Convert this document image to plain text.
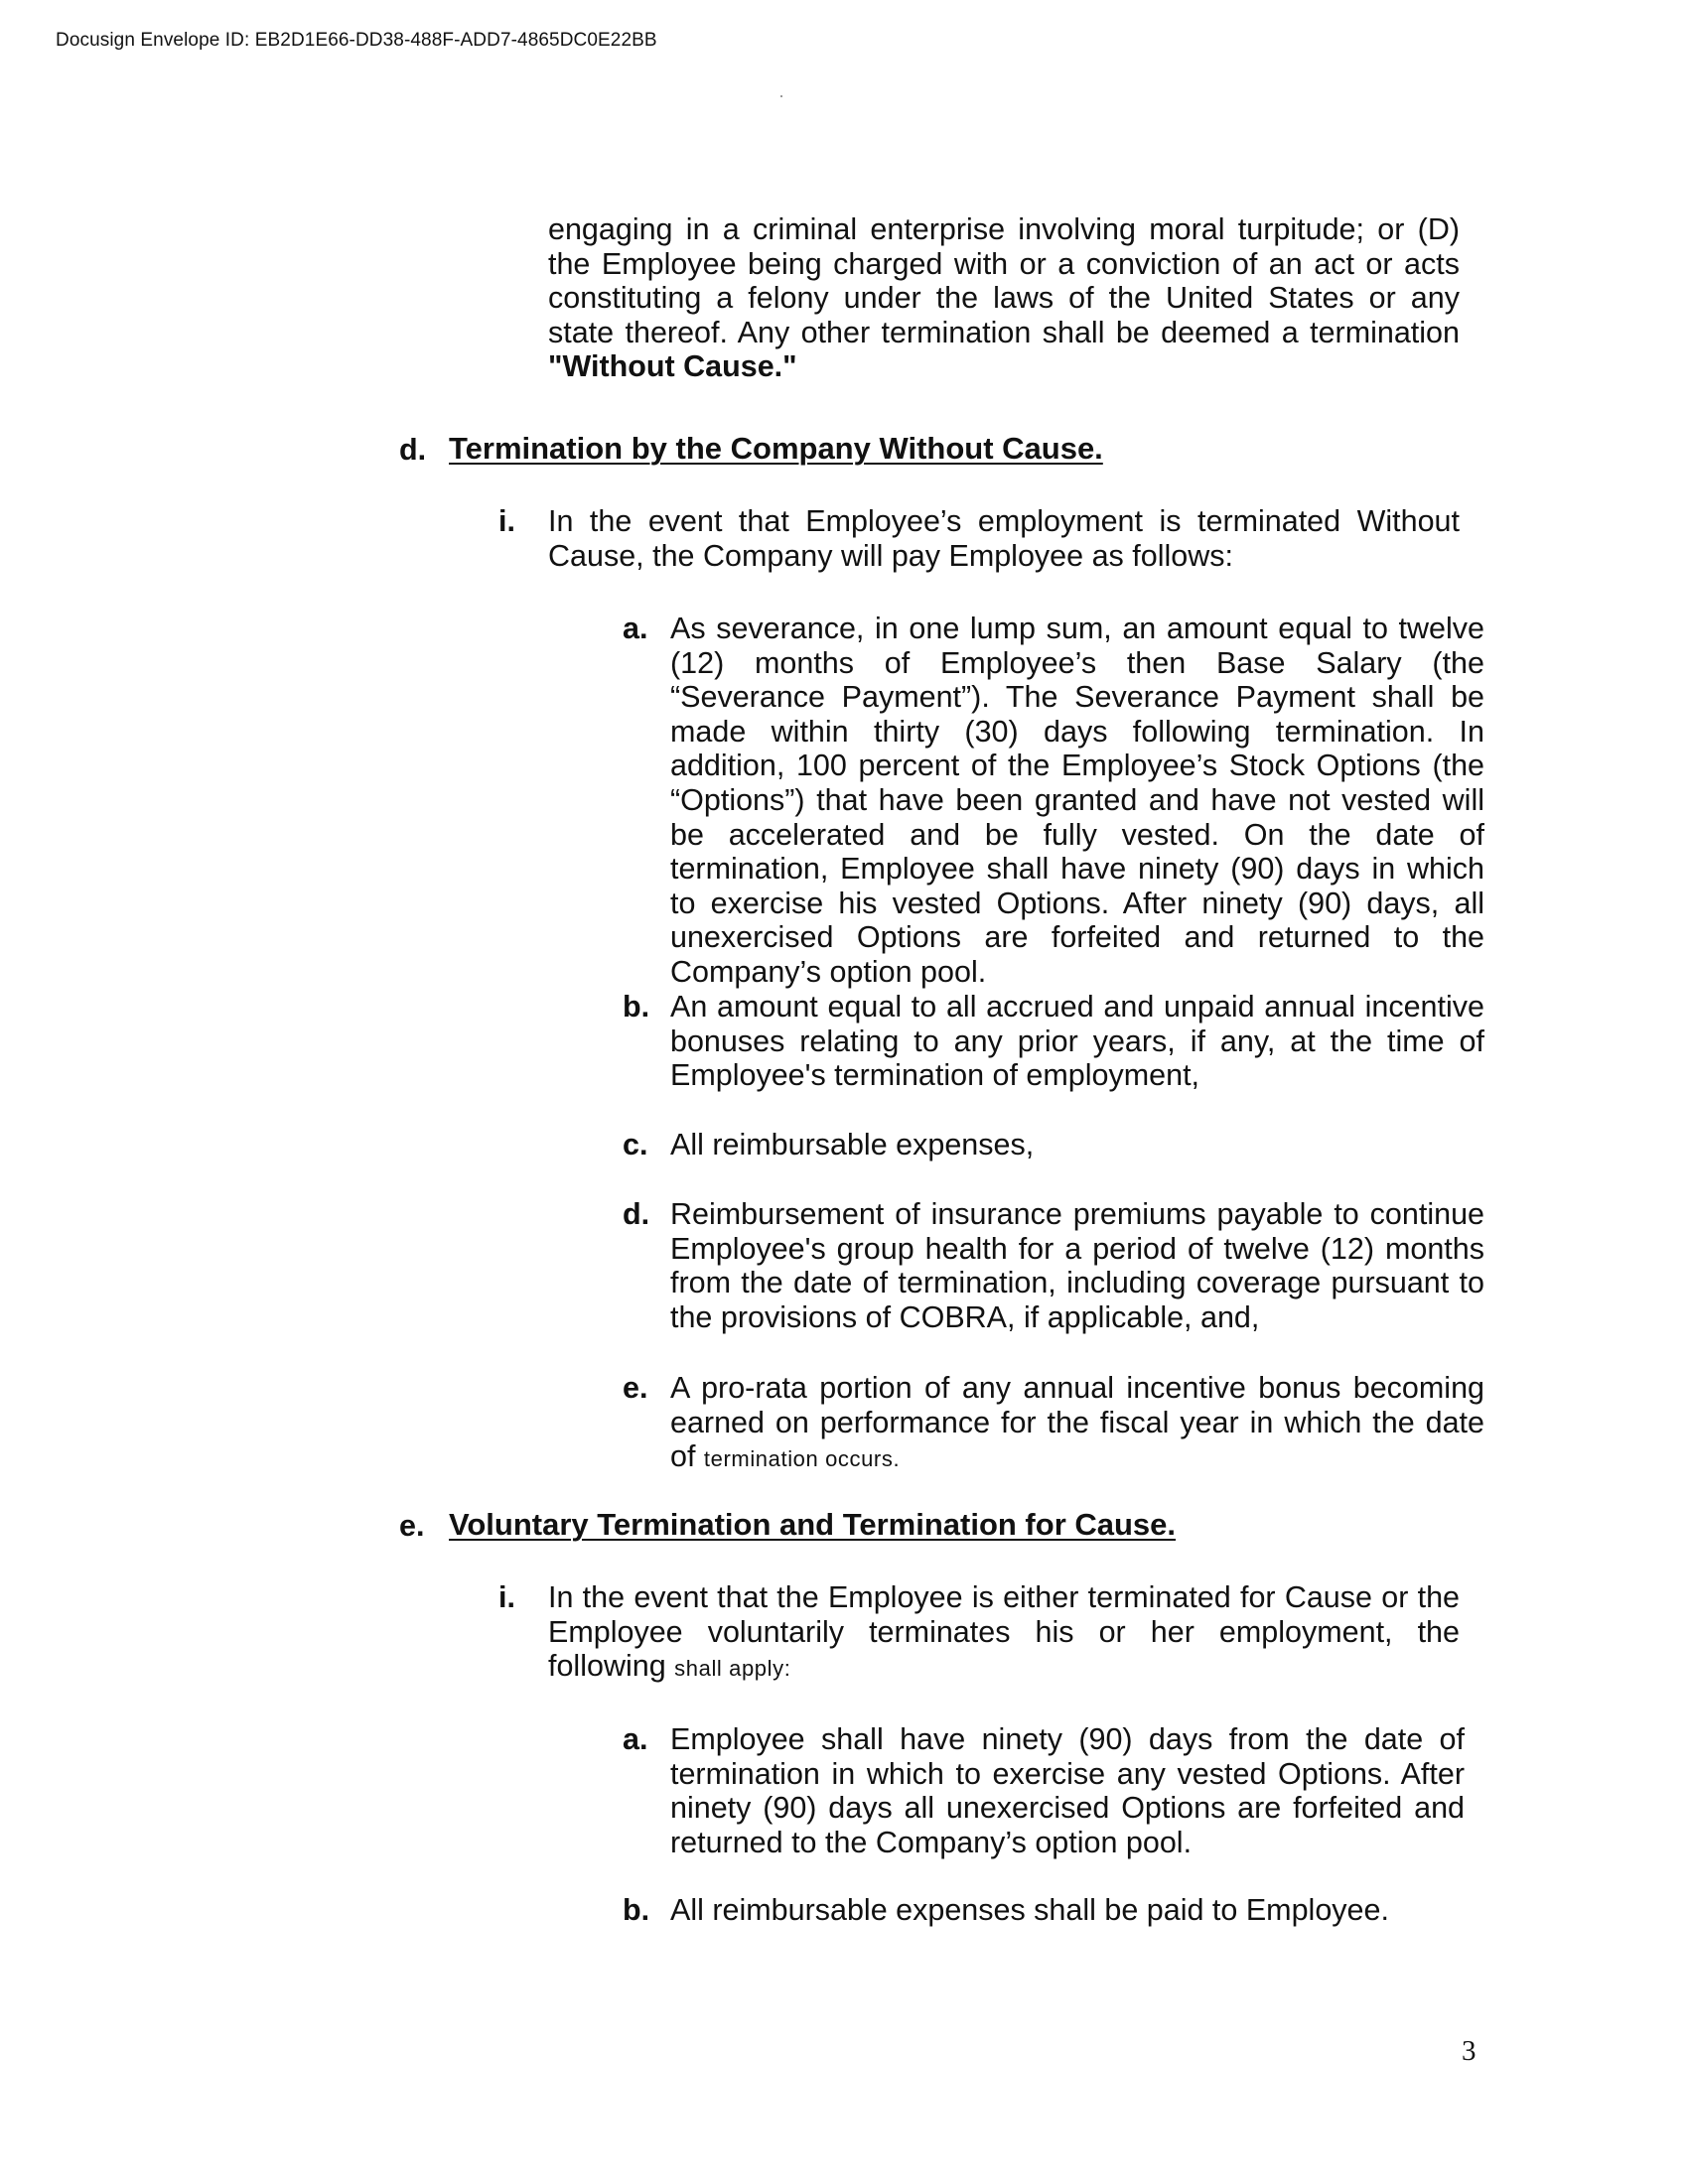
Docusign Envelope ID: EB2D1E66-DD38-488F-ADD7-4865DC0E22BB
engaging in a criminal enterprise involving moral turpitude; or (D) the Employee being charged with or a conviction of an act or acts constituting a felony under the laws of the United States or any state thereof. Any other termination shall be deemed a termination "Without Cause."
d. Termination by the Company Without Cause.
i. In the event that Employee’s employment is terminated Without Cause, the Company will pay Employee as follows:
a. As severance, in one lump sum, an amount equal to twelve (12) months of Employee’s then Base Salary (the “Severance Payment”). The Severance Payment shall be made within thirty (30) days following termination. In addition, 100 percent of the Employee’s Stock Options (the “Options”) that have been granted and have not vested will be accelerated and be fully vested. On the date of termination, Employee shall have ninety (90) days in which to exercise his vested Options. After ninety (90) days, all unexercised Options are forfeited and returned to the Company’s option pool.
b. An amount equal to all accrued and unpaid annual incentive bonuses relating to any prior years, if any, at the time of Employee's termination of employment,
c. All reimbursable expenses,
d. Reimbursement of insurance premiums payable to continue Employee's group health for a period of twelve (12) months from the date of termination, including coverage pursuant to the provisions of COBRA, if applicable, and,
e. A pro-rata portion of any annual incentive bonus becoming earned on performance for the fiscal year in which the date of termination occurs.
e. Voluntary Termination and Termination for Cause.
i. In the event that the Employee is either terminated for Cause or the Employee voluntarily terminates his or her employment, the following shall apply:
a. Employee shall have ninety (90) days from the date of termination in which to exercise any vested Options. After ninety (90) days all unexercised Options are forfeited and returned to the Company’s option pool.
b. All reimbursable expenses shall be paid to Employee.
3
